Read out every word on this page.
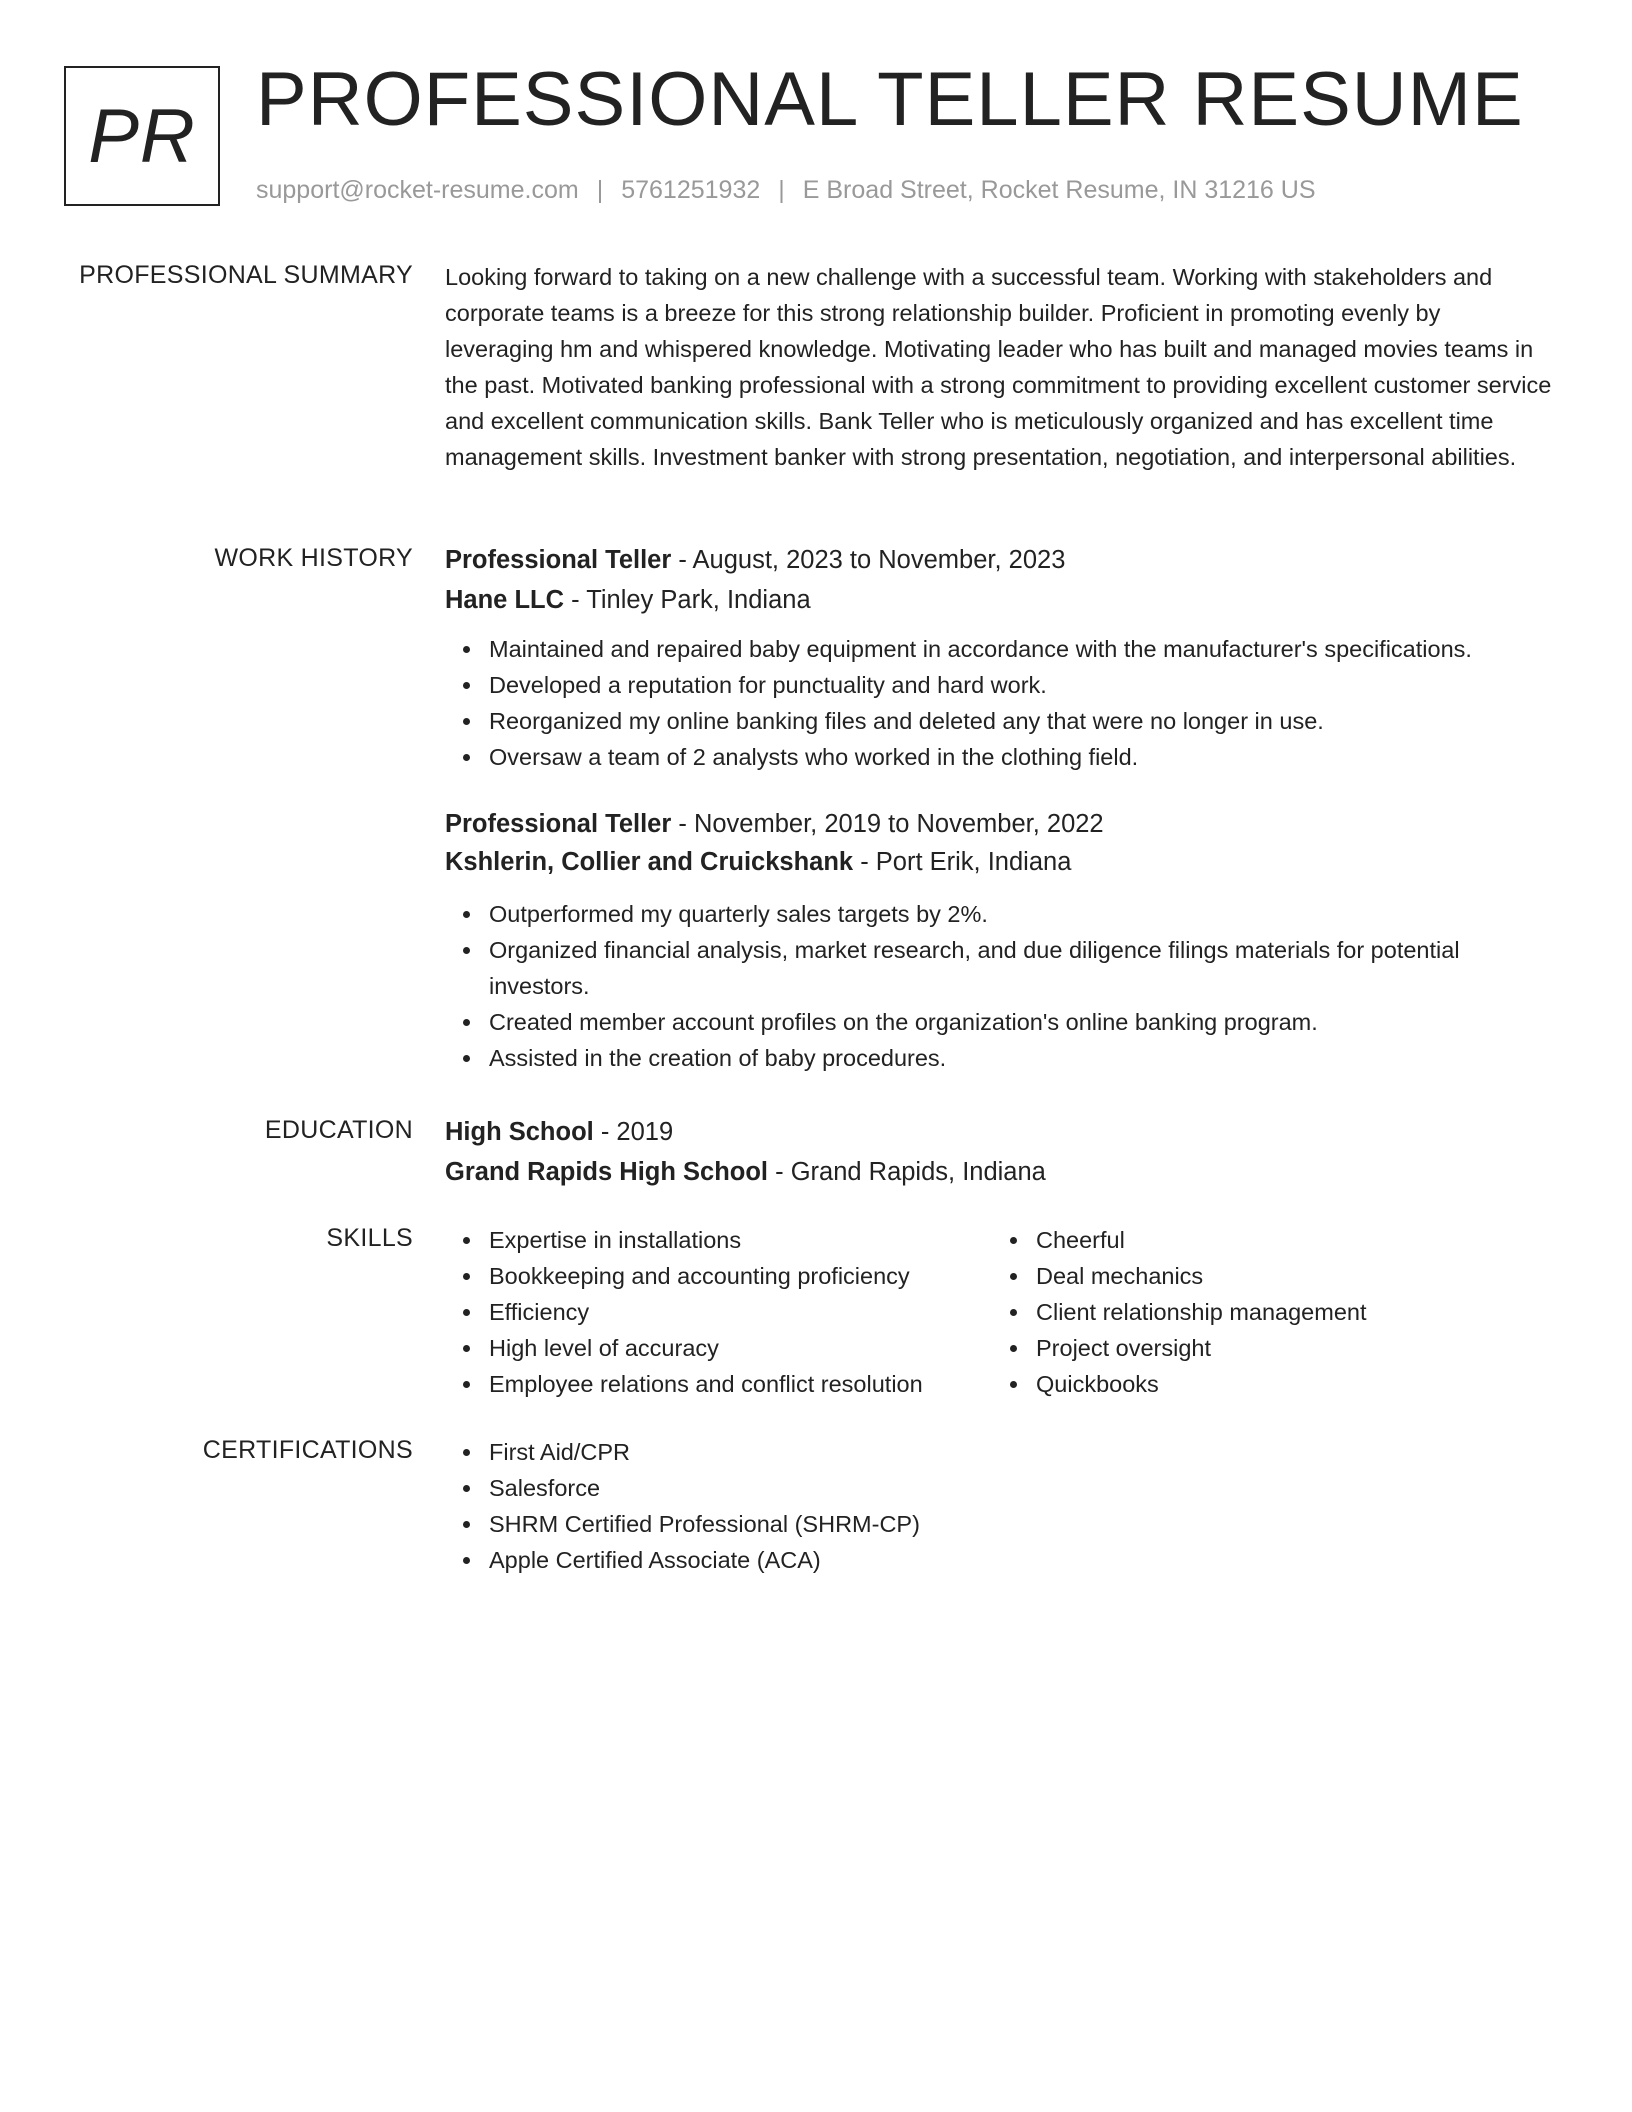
PR PROFESSIONAL TELLER RESUME
support@rocket-resume.com | 5761251932 | E Broad Street, Rocket Resume, IN 31216 US
PROFESSIONAL SUMMARY Looking forward to taking on a new challenge with a successful team. Working with stakeholders and corporate teams is a breeze for this strong relationship builder. Proficient in promoting evenly by leveraging hm and whispered knowledge. Motivating leader who has built and managed movies teams in the past. Motivated banking professional with a strong commitment to providing excellent customer service and excellent communication skills. Bank Teller who is meticulously organized and has excellent time management skills. Investment banker with strong presentation, negotiation, and interpersonal abilities.

WORK HISTORY Professional Teller - August, 2023 to November, 2023
Hane LLC - Tinley Park, Indiana
Maintained and repaired baby equipment in accordance with the manufacturer's specifications.
Developed a reputation for punctuality and hard work.
Reorganized my online banking files and deleted any that were no longer in use.
Oversaw a team of 2 analysts who worked in the clothing field.
Professional Teller - November, 2019 to November, 2022
Kshlerin, Collier and Cruickshank - Port Erik, Indiana
Outperformed my quarterly sales targets by 2%.
Organized financial analysis, market research, and due diligence filings materials for potential investors.
Created member account profiles on the organization's online banking program.
Assisted in the creation of baby procedures.
EDUCATION High School - 2019
Grand Rapids High School - Grand Rapids, Indiana
SKILLS	Expertise in installations
Bookkeeping and accounting proficiency
Efficiency
High level of accuracy
Employee relations and conflict resolution
Cheerful
Deal mechanics
Client relationship management
Project oversight
Quickbooks
CERTIFICATIONS	First Aid/CPR
Salesforce
SHRM Certified Professional (SHRM-CP)
Apple Certified Associate (ACA)
